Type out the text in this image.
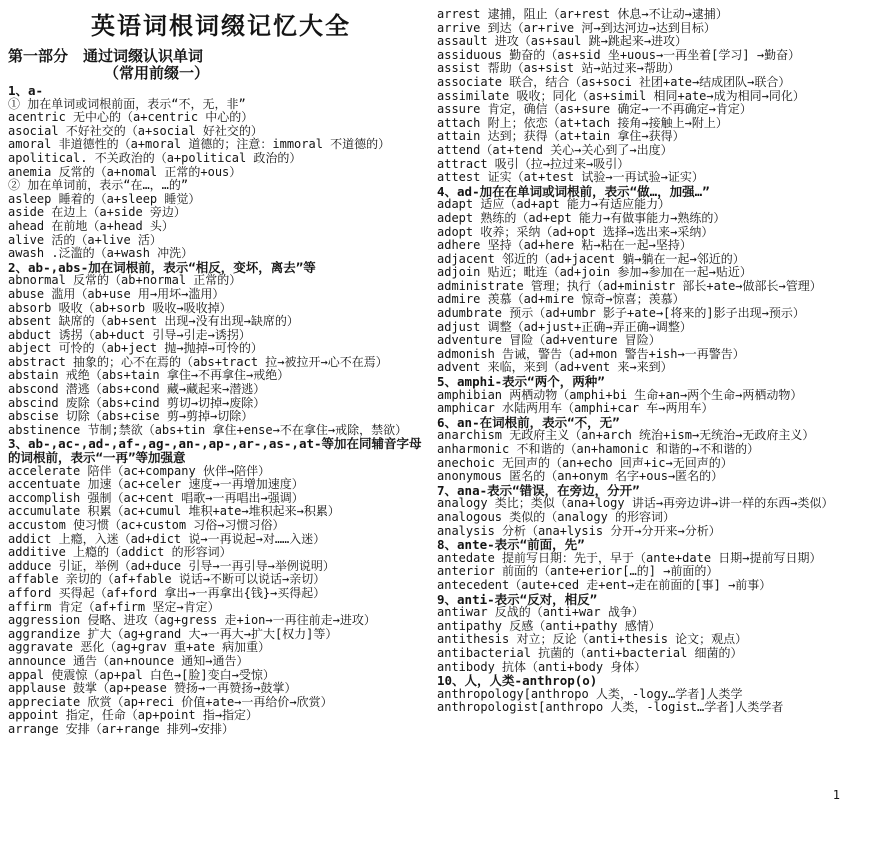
英语词根词缀记忆大全
第一部分　通过词缀认识单词
（常用前缀一）
1、a-
① 加在单词或词根前面，表示“不，无，非”
acentric 无中心的（a+centric 中心的）
asocial 不好社交的（a+social 好社交的）
amoral 非道德性的（a+moral 道德的；注意：immoral 不道德的）
apolitical. 不关政治的（a+political 政治的）
anemia 反常的（a+nomal 正常的+ous）
② 加在单词前，表示“在…，…的”
asleep 睡着的（a+sleep 睡觉）
aside 在边上（a+side 旁边）
ahead 在前地（a+head 头）
alive 活的（a+live 活）
awash .泛滥的（a+wash 冲洗）
2、ab-,abs-加在词根前，表示“相反，变坏，离去”等
abnormal 反常的（ab+normal 正常的）
abuse 滥用（ab+use 用→用坏→滥用）
absorb 吸收（ab+sorb 吸收→吸收掉）
absent 缺席的（ab+sent 出现→没有出现→缺席的）
abduct 诱拐（ab+duct 引导→引走→诱拐）
abject 可怜的（ab+ject 抛→抛掉→可怜的）
abstract 抽象的；心不在焉的（abs+tract 拉→被拉开→心不在焉）
abstain 戒绝（abs+tain 拿住→不再拿住→戒绝）
abscond 潜逃（abs+cond 藏→藏起来→潜逃）
abscind 废除（abs+cind 剪切→切掉→废除）
abscise 切除（abs+cise 剪→剪掉→切除）
abstinence 节制;禁欲（abs+tin 拿住+ense→不在拿住→戒除，禁欲）
3、ab-,ac-,ad-,af-,ag-,an-,ap-,ar-,as-,at-等加在同辅音字母的词根前，表示“一再”等加强意
accelerate 陪伴（ac+company 伙伴→陪伴）
accentuate 加速（ac+celer 速度→一再增加速度）
accomplish 强制（ac+cent 唱歌→一再唱出→强调）
accumulate 积累（ac+cumul 堆积+ate→堆积起来→积累）
accustom 使习惯（ac+custom 习俗→习惯习俗）
addict 上瘾，入迷（ad+dict 说→一再说起→对……入迷）
additive 上瘾的（addict 的形容词）
adduce 引证，举例（ad+duce 引导→一再引导→举例说明）
affable 亲切的（af+fable 说话→不断可以说话→亲切）
afford 买得起（af+ford 拿出→一再拿出{钱}→买得起）
affirm 肯定（af+firm 坚定→肯定）
aggression 侵略、进攻（ag+gress 走+ion→一再往前走→进攻）
aggrandize 扩大（ag+grand 大→一再大→扩大[权力]等）
aggravate 恶化（ag+grav 重+ate 病加重）
announce 通告（an+nounce 通知→通告）
appal 使震惊（ap+pal 白色→[脸]变白→受惊）
applause 鼓掌（ap+pease 赞扬→一再赞扬→鼓掌）
appreciate 欣赏（ap+reci 价值+ate→一再给价→欣赏）
appoint 指定，任命（ap+point 指→指定）
arrange 安排（ar+range 排列→安排）
arrest 逮捕，阻止（ar+rest 休息→不让动→逮捕）
arrive 到达（ar+rive 河→到达河边→达到目标）
assault 进攻（as+saul 跳→跳起来→进攻）
assiduous 勤奋的（as+sid 坐+uous→一再坐着[学习] →勤奋）
assist 帮助（as+sist 站→站过来→帮助）
associate 联合，结合（as+soci 社团+ate→结成团队→联合）
assimilate 吸收；同化（as+simil 相同+ate→成为相同→同化）
assure 肯定，确信（as+sure 确定→一不再确定→肯定）
attach 附上；依恋（at+tach 接角→接触上→附上）
attain 达到；获得（at+tain 拿住→获得）
attend（at+tend 关心→关心到了→出度）
attract 吸引（拉→拉过来→吸引）
attest 证实（at+test 试验→一再试验→证实）
4、ad-加在在单词或词根前，表示“做…，加强…”
adapt 适应（ad+apt 能力→有适应能力）
adept 熟练的（ad+ept 能力→有做事能力→熟练的）
adopt 收养；采纳（ad+opt 选择→选出来→采纳）
adhere 坚持（ad+here 粘→粘在一起→坚持）
adjacent 邻近的（ad+jacent 躺→躺在一起→邻近的）
adjoin 贴近；毗连（ad+join 参加→参加在一起→贴近）
administrate 管理；执行（ad+ministr 部长+ate→做部长→管理）
admire 羡慕（ad+mire 惊奇→惊喜；羡慕）
adumbrate 预示（ad+umbr 影子+ate→[将来的]影子出现→预示）
adjust 调整（ad+just+正确→弄正确→调整）
adventure 冒险（ad+venture 冒险）
admonish 告诫，警告（ad+mon 警告+ish→一再警告）
advent 来临，来到（ad+vent 来→来到）
5、amphi-表示“两个，两种”
amphibian 两栖动物（amphi+bi 生命+an→两个生命→两栖动物）
amphicar 水陆两用车（amphi+car 车→两用车）
6、an-在词根前，表示“不，无”
anarchism 无政府主义（an+arch 统治+ism→无统治→无政府主义）
anharmonic 不和谐的（an+hamonic 和谐的→不和谐的）
anechoic 无回声的（an+echo 回声+ic→无回声的）
anonymous 匿名的（an+onym 名字+ous→匿名的）
7、ana-表示“错误，在旁边，分开”
analogy 类比；类似（ana+logy 讲话→再旁边讲→讲一样的东西→类似）
analogous 类似的（analogy 的形容词）
analysis 分析（ana+lysis 分开→分开来→分析）
8、ante-表示“前面，先”
antedate 提前写日期：先于，早于（ante+date 日期→提前写日期）
anterior 前面的（ante+erior[…的] →前面的）
antecedent（aute+ced 走+ent→走在前面的[事] →前事）
9、anti-表示“反对，相反”
antiwar 反战的（anti+war 战争）
antipathy 反感（anti+pathy 感情）
antithesis 对立；反论（anti+thesis 论文；观点）
antibacterial 抗菌的（anti+bacterial 细菌的）
antibody 抗体（anti+body 身体）
10、人，人类-anthrop(o)
anthropology[anthropo 人类，-logy…学者]人类学
anthropologist[anthropo 人类，-logist…学者]人类学者
1
